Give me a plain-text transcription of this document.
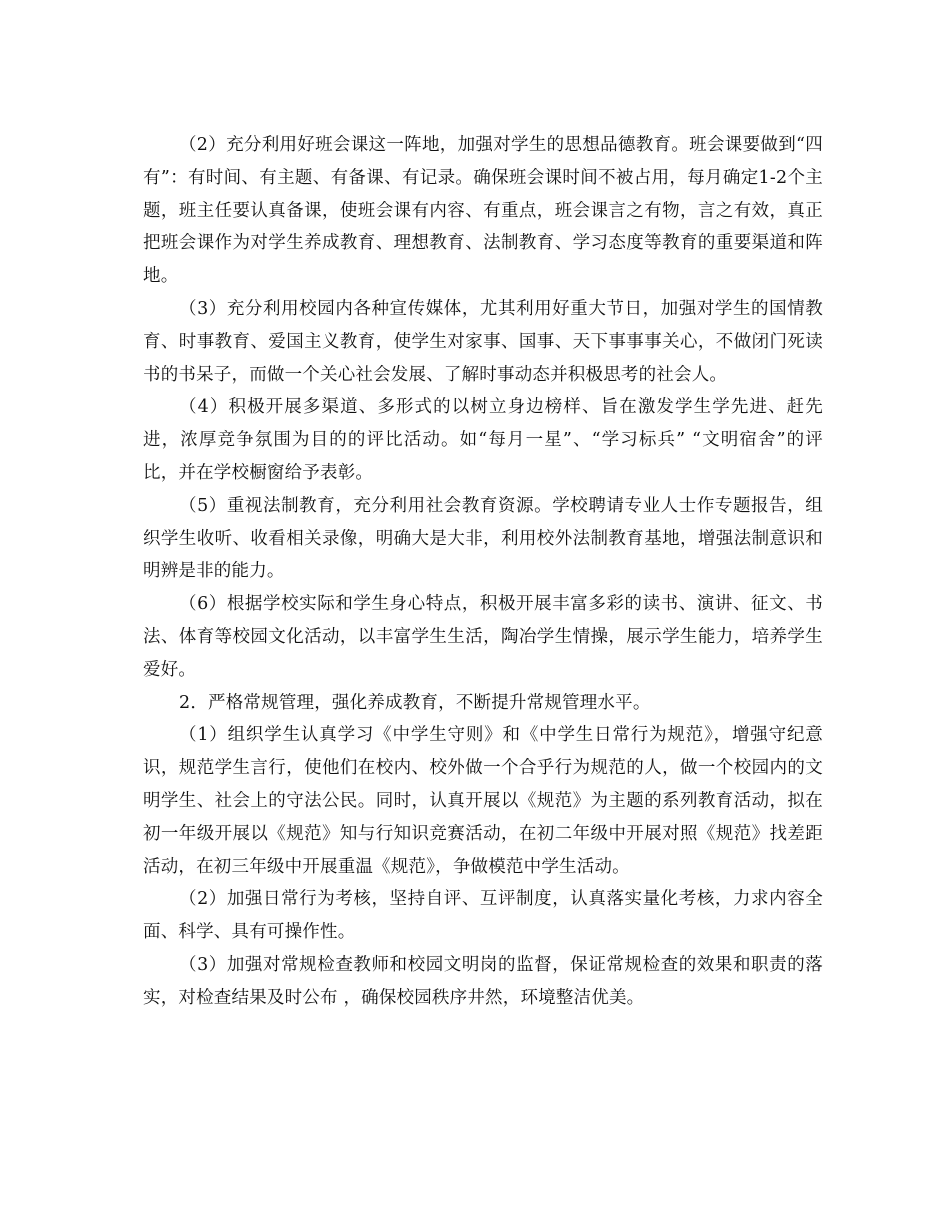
（2）充分利用好班会课这一阵地，加强对学生的思想品德教育。班会课要做到“四有”：有时间、有主题、有备课、有记录。确保班会课时间不被占用，每月确定1-2个主题，班主任要认真备课，使班会课有内容、有重点，班会课言之有物，言之有效，真正把班会课作为对学生养成教育、理想教育、法制教育、学习态度等教育的重要渠道和阵地。

（3）充分利用校园内各种宣传媒体，尤其利用好重大节日，加强对学生的国情教育、时事教育、爱国主义教育，使学生对家事、国事、天下事事事关心，不做闭门死读书的书呆子，而做一个关心社会发展、了解时事动态并积极思考的社会人。

（4）积极开展多渠道、多形式的以树立身边榜样、旨在激发学生学先进、赶先进，浓厚竞争氛围为目的的评比活动。如“每月一星”、“学习标兵” “文明宿舍”的评比，并在学校橱窗给予表彰。

（5）重视法制教育，充分利用社会教育资源。学校聘请专业人士作专题报告，组织学生收听、收看相关录像，明确大是大非，利用校外法制教育基地，增强法制意识和明辨是非的能力。

（6）根据学校实际和学生身心特点，积极开展丰富多彩的读书、演讲、征文、书法、体育等校园文化活动，以丰富学生生活，陶冶学生情操，展示学生能力，培养学生爱好。

2．严格常规管理，强化养成教育，不断提升常规管理水平。

（1）组织学生认真学习《中学生守则》和《中学生日常行为规范》，增强守纪意识，规范学生言行，使他们在校内、校外做一个合乎行为规范的人，做一个校园内的文明学生、社会上的守法公民。同时，认真开展以《规范》为主题的系列教育活动，拟在初一年级开展以《规范》知与行知识竞赛活动，在初二年级中开展对照《规范》找差距活动，在初三年级中开展重温《规范》，争做模范中学生活动。

（2）加强日常行为考核，坚持自评、互评制度，认真落实量化考核，力求内容全面、科学、具有可操作性。

（3）加强对常规检查教师和校园文明岗的监督，保证常规检查的效果和职责的落实，对检查结果及时公布 ，确保校园秩序井然，环境整洁优美。
